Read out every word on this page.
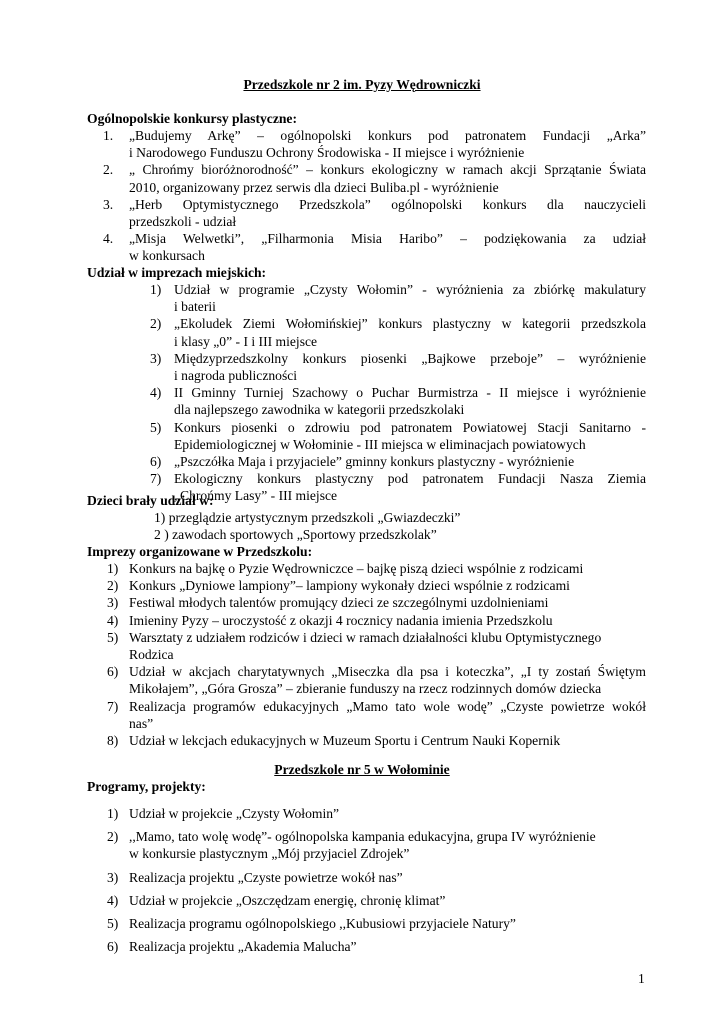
Przedszkole nr 2 im. Pyzy Wędrowniczki
Ogólnopolskie konkursy plastyczne:
1. „Budujemy Arkę” – ogólnopolski konkurs pod patronatem Fundacji „Arka”
i Narodowego Funduszu Ochrony Środowiska - II miejsce i wyróżnienie
2. „ Chrońmy bioróżnorodność” – konkurs ekologiczny w ramach akcji Sprzątanie Świata
2010, organizowany przez serwis dla dzieci Buliba.pl - wyróżnienie
3. „Herb Optymistycznego Przedszkola” ogólnopolski konkurs dla nauczycieli
przedszkoli - udział
4. „Misja Welwetki”, „Filharmonia Misia Haribo” – podziękowania za udział
w konkursach
Udział w imprezach miejskich:
1) Udział w programie „Czysty Wołomin” - wyróżnienia za zbiórkę makulatury
i baterii
2) „Ekoludek Ziemi Wołomińskiej” konkurs plastyczny w kategorii przedszkola
i klasy „0” - I i III miejsce
3) Międzyprzedszkolny konkurs piosenki „Bajkowe przeboje” – wyróżnienie
i nagroda publiczności
4) II Gminny Turniej Szachowy o Puchar Burmistrza - II miejsce i wyróżnienie
dla najlepszego zawodnika w kategorii przedszkolaki
5) Konkurs piosenki o zdrowiu pod patronatem Powiatowej Stacji Sanitarno -
Epidemiologicznej w Wołominie - III miejsca w eliminacjach powiatowych
6) „Pszczółka Maja i przyjaciele” gminny konkurs plastyczny - wyróżnienie
7) Ekologiczny konkurs plastyczny pod patronatem Fundacji Nasza Ziemia
„Chrońmy Lasy” - III miejsce
Dzieci brały udział w:
1) przeglądzie artystycznym przedszkoli „Gwiazdeczki”
2 ) zawodach sportowych „Sportowy przedszkolak”
Imprezy organizowane w Przedszkolu:
1) Konkurs na bajkę o Pyzie Wędrowniczce – bajkę piszą dzieci wspólnie z rodzicami
2) Konkurs „Dyniowe lampiony”– lampiony wykonały dzieci wspólnie z rodzicami
3) Festiwal młodych talentów promujący dzieci ze szczególnymi uzdolnieniami
4) Imieniny Pyzy – uroczystość z okazji 4 rocznicy nadania imienia Przedszkolu
5) Warsztaty z udziałem rodziców i dzieci w ramach działalności klubu Optymistycznego
Rodzica
6) Udział w akcjach charytatywnych „Miseczka dla psa i koteczka”, „I ty zostań Świętym
Mikołajem”, „Góra Grosza” – zbieranie funduszy na rzecz rodzinnych domów dziecka
7) Realizacja programów edukacyjnych „Mamo tato wole wodę” „Czyste powietrze wokół
nas”
8) Udział w lekcjach edukacyjnych w Muzeum Sportu i Centrum Nauki Kopernik
Przedszkole nr 5 w Wołominie
Programy, projekty:
1) Udział w projekcie „Czysty Wołomin”
2) ,,Mamo, tato wolę wodę”- ogólnopolska kampania edukacyjna, grupa IV wyróżnienie
w konkursie plastycznym „Mój przyjaciel Zdrojek”
3) Realizacja projektu „Czyste powietrze wokół nas”
4) Udział w projekcie „Oszczędzam energię, chronię klimat”
5) Realizacja programu ogólnopolskiego ,,Kubusiowi przyjaciele Natury”
6) Realizacja projektu „Akademia Malucha”
1
